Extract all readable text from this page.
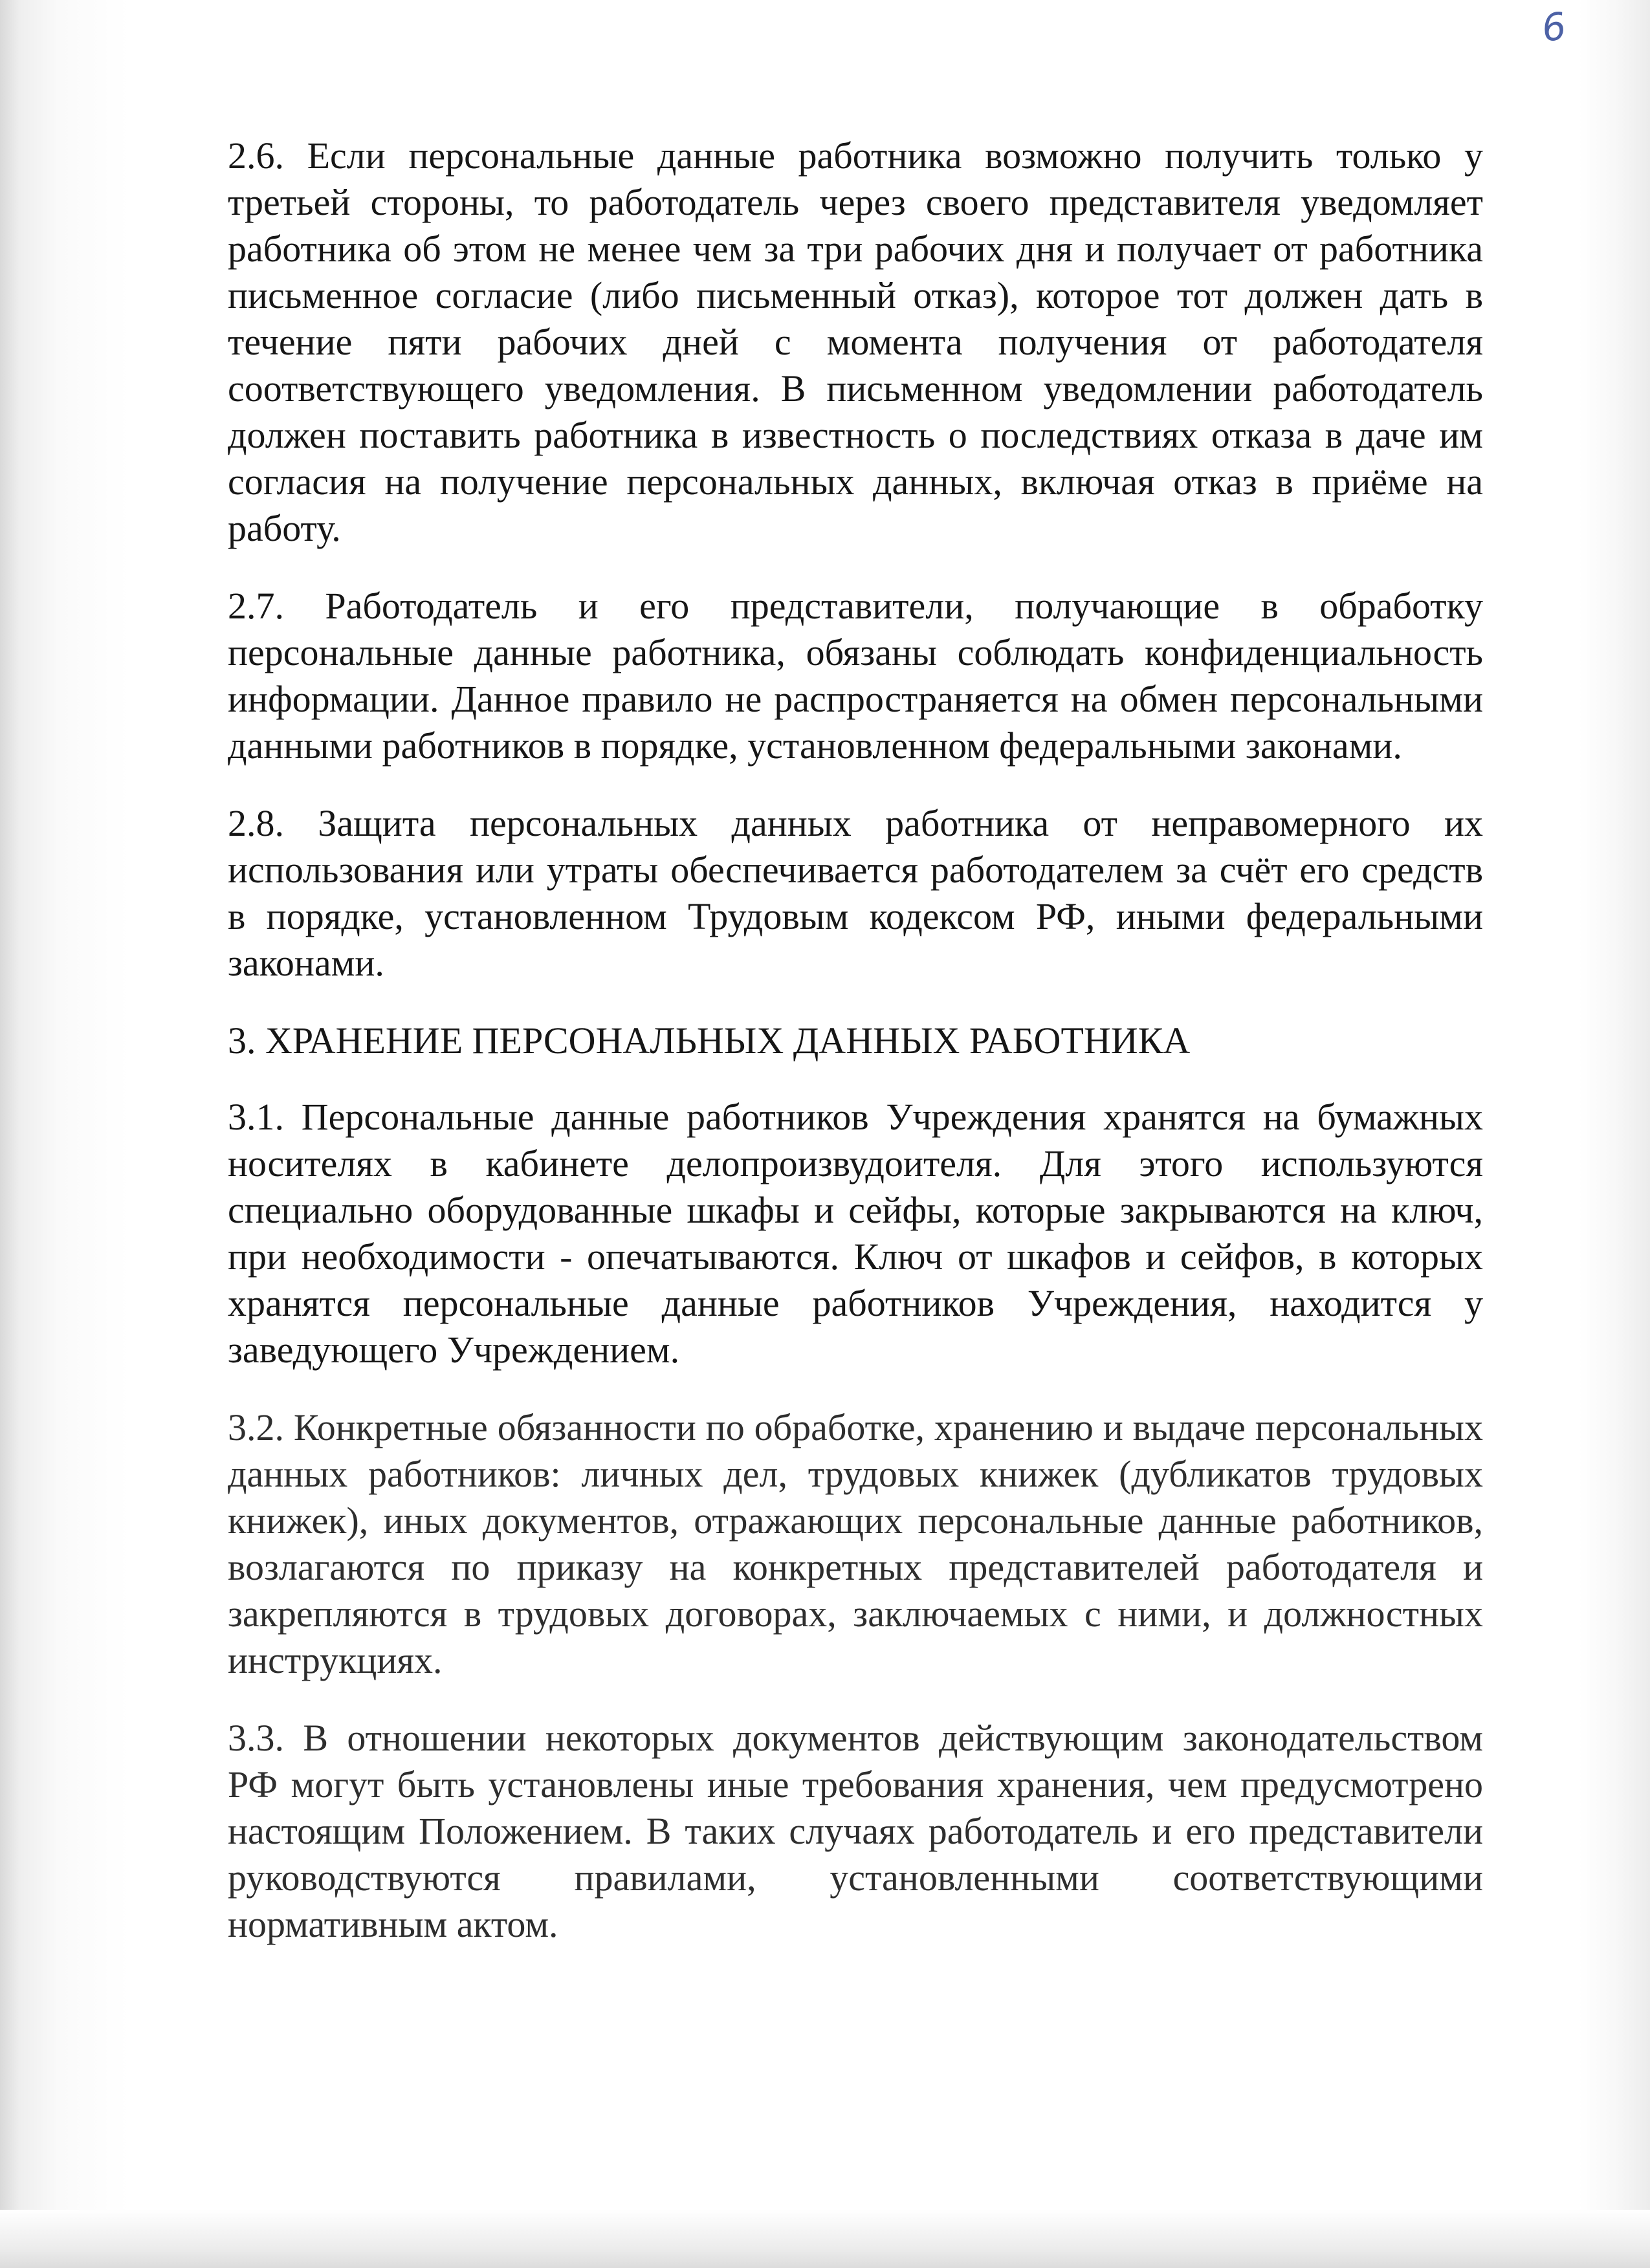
6

2.6. Если персональные данные работника возможно получить только у третьей стороны, то работодатель через своего представителя уведомляет работника об этом не менее чем за три рабочих дня и получает от работника письменное согласие (либо письменный отказ), которое тот должен дать в течение пяти рабочих дней с момента получения от работодателя соответствующего уведомления. В письменном уведомлении работодатель должен поставить работника в известность о последствиях отказа в даче им согласия на получение персональных данных, включая отказ в приёме на работу.

2.7. Работодатель и его представители, получающие в обработку персональные данные работника, обязаны соблюдать конфиденциальность информации. Данное правило не распространяется на обмен персональными данными работников в порядке, установленном федеральными законами.

2.8. Защита персональных данных работника от неправомерного их использования или утраты обеспечивается работодателем за счёт его средств в порядке, установленном Трудовым кодексом РФ, иными федеральными законами.

3. ХРАНЕНИЕ ПЕРСОНАЛЬНЫХ ДАННЫХ РАБОТНИКА

3.1. Персональные данные работников Учреждения хранятся на бумажных носителях в кабинете делопроизвудоителя. Для этого используются специально оборудованные шкафы и сейфы, которые закрываются на ключ, при необходимости - опечатываются. Ключ от шкафов и сейфов, в которых хранятся персональные данные работников Учреждения, находится у заведующего Учреждением.

3.2. Конкретные обязанности по обработке, хранению и выдаче персональных данных работников: личных дел, трудовых книжек (дубликатов трудовых книжек), иных документов, отражающих персональные данные работников, возлагаются по приказу на конкретных представителей работодателя и закрепляются в трудовых договорах, заключаемых с ними, и должностных инструкциях.

3.3. В отношении некоторых документов действующим законодательством РФ могут быть установлены иные требования хранения, чем предусмотрено настоящим Положением. В таких случаях работодатель и его представители руководствуются правилами, установленными соответствующими нормативным актом.
